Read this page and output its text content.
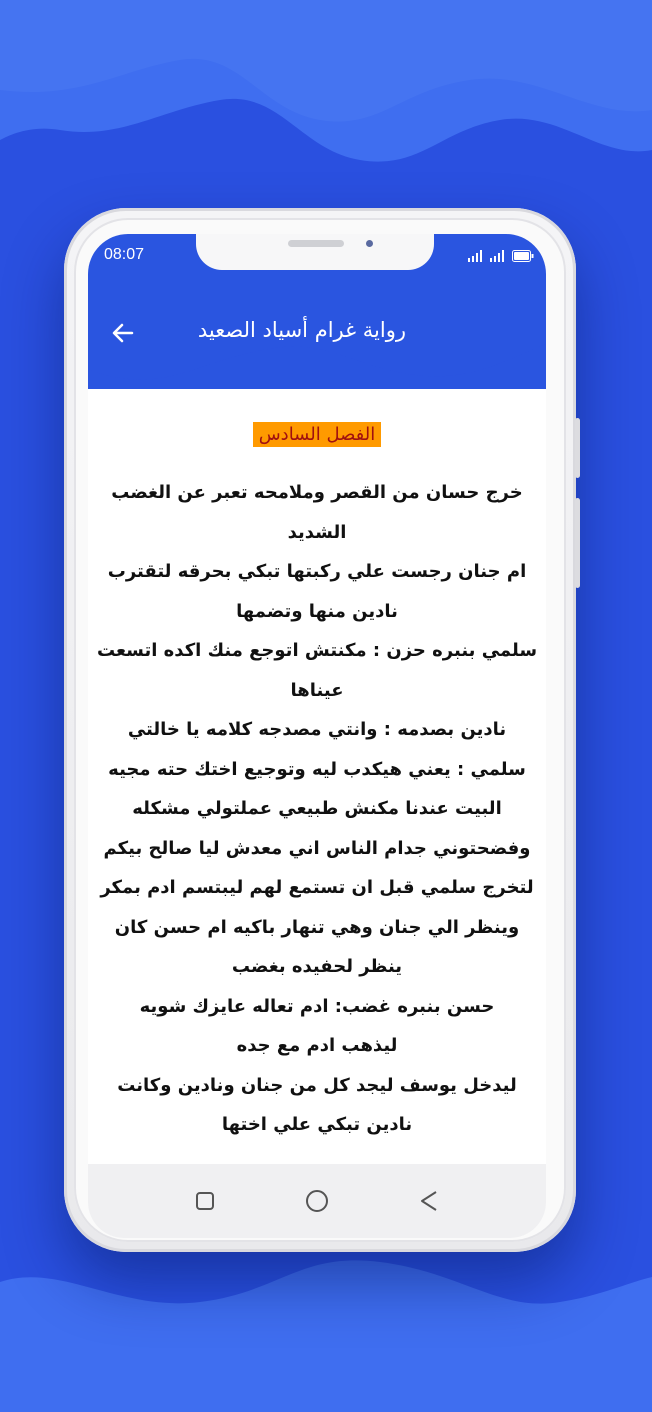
08:07
رواية غرام أسياد الصعيد
الفصل السادس

خرج حسان من القصر وملامحه تعبر عن الغضب الشديد

ام جنان رجست علي ركبتها تبكي بحرقه لتقترب نادين منها وتضمها

سلمي بنبره حزن : مكنتش اتوجع منك اكده اتسعت عيناها

نادين بصدمه : وانتي مصدجه كلامه يا خالتي

سلمي : يعني هيكدب ليه وتوجيع اختك حته مجيه البيت عندنا مكنش طبيعي عملتولي مشكله وفضحتوني جدام الناس اني معدش ليا صالح بيكم

لتخرج سلمي قبل ان تستمع لهم ليبتسم ادم بمكر وينظر الي جنان وهي تنهار باكيه ام حسن كان ينظر لحفيده بغضب

حسن بنبره غضب: ادم تعاله عايزك شويه

ليذهب ادم مع جده

ليدخل يوسف ليجد كل من جنان ونادين وكانت نادين تبكي علي اختها
